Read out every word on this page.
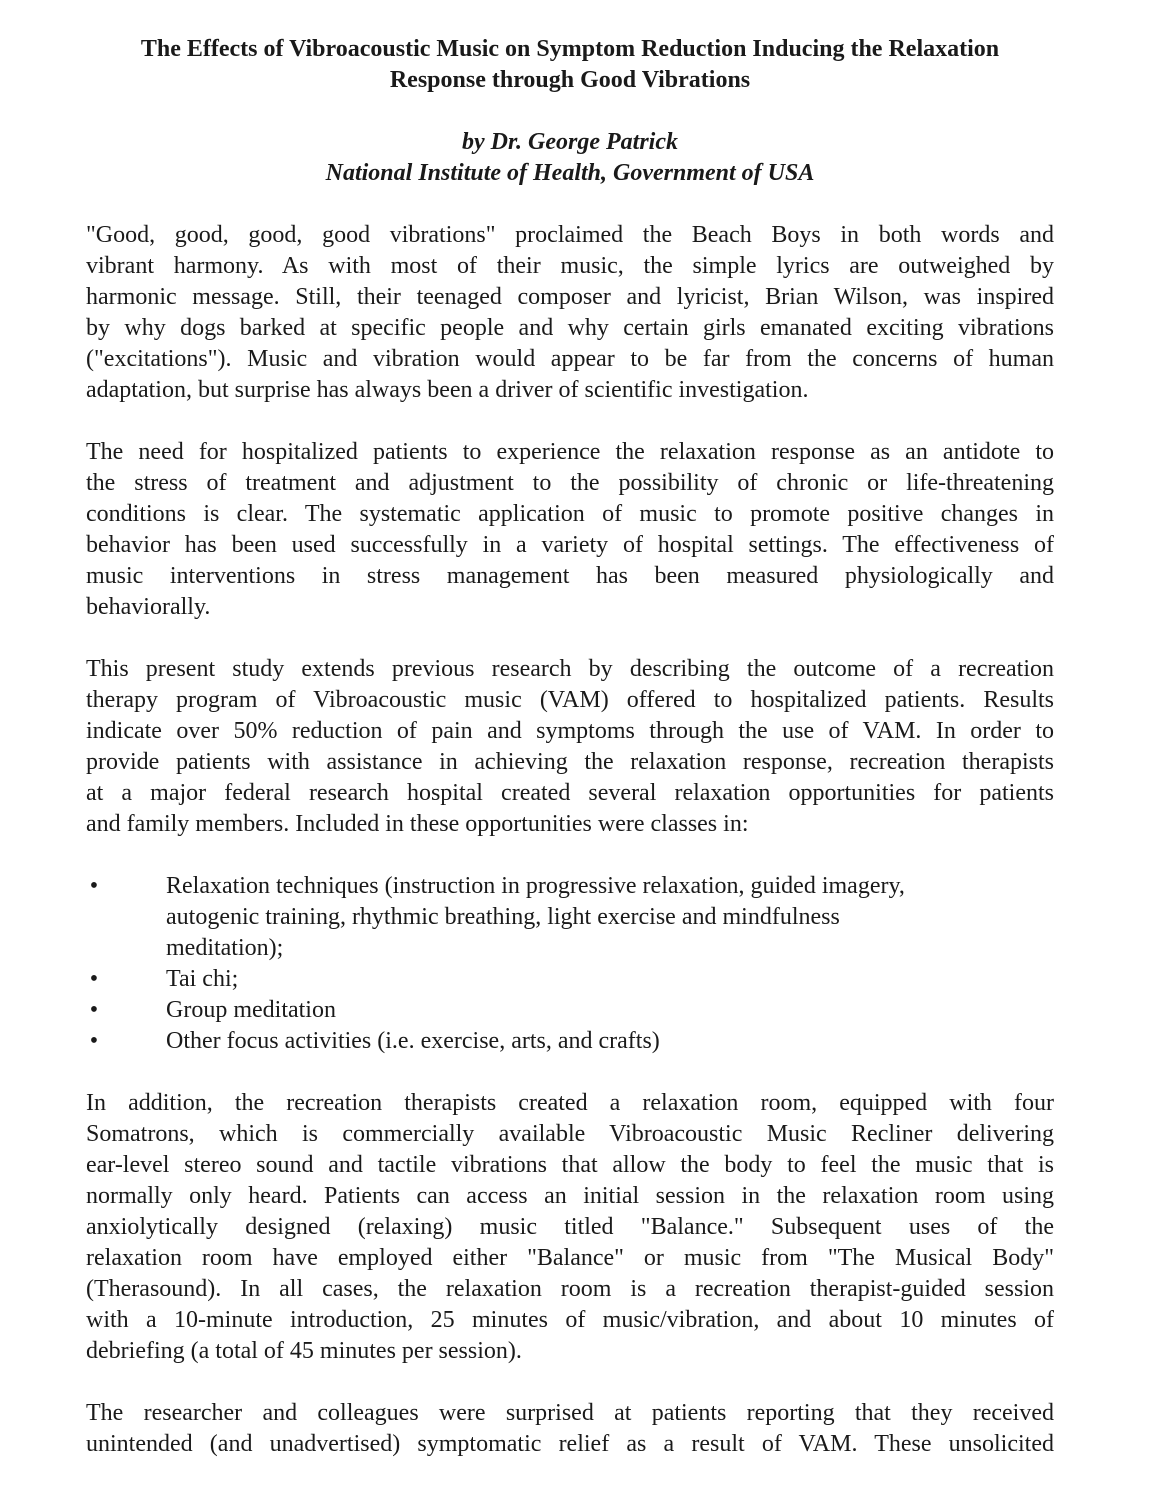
The Effects of Vibroacoustic Music on Symptom Reduction Inducing the Relaxation
Response through Good Vibrations
by Dr. George Patrick
National Institute of Health, Government of USA

"Good, good, good, good vibrations" proclaimed the Beach Boys in both words and
vibrant harmony. As with most of their music, the simple lyrics are outweighed by
harmonic message. Still, their teenaged composer and lyricist, Brian Wilson, was inspired
by why dogs barked at specific people and why certain girls emanated exciting vibrations
("excitations"). Music and vibration would appear to be far from the concerns of human
adaptation, but surprise has always been a driver of scientific investigation.

The need for hospitalized patients to experience the relaxation response as an antidote to
the stress of treatment and adjustment to the possibility of chronic or life-threatening
conditions is clear. The systematic application of music to promote positive changes in
behavior has been used successfully in a variety of hospital settings. The effectiveness of
music interventions in stress management has been measured physiologically and
behaviorally.

This present study extends previous research by describing the outcome of a recreation
therapy program of Vibroacoustic music (VAM) offered to hospitalized patients. Results
indicate over 50% reduction of pain and symptoms through the use of VAM. In order to
provide patients with assistance in achieving the relaxation response, recreation therapists
at a major federal research hospital created several relaxation opportunities for patients
and family members. Included in these opportunities were classes in:

•	Relaxation techniques (instruction in progressive relaxation, guided imagery,
autogenic training, rhythmic breathing, light exercise and mindfulness
meditation);
•	Tai chi;
•	Group meditation
•	Other focus activities (i.e. exercise, arts, and crafts)

In addition, the recreation therapists created a relaxation room, equipped with four
Somatrons, which is commercially available Vibroacoustic Music Recliner delivering
ear-level stereo sound and tactile vibrations that allow the body to feel the music that is
normally only heard. Patients can access an initial session in the relaxation room using
anxiolytically designed (relaxing) music titled "Balance." Subsequent uses of the
relaxation room have employed either "Balance" or music from "The Musical Body"
(Therasound). In all cases, the relaxation room is a recreation therapist-guided session
with a 10-minute introduction, 25 minutes of music/vibration, and about 10 minutes of
debriefing (a total of 45 minutes per session).

The researcher and colleagues were surprised at patients reporting that they received
unintended (and unadvertised) symptomatic relief as a result of VAM. These unsolicited
